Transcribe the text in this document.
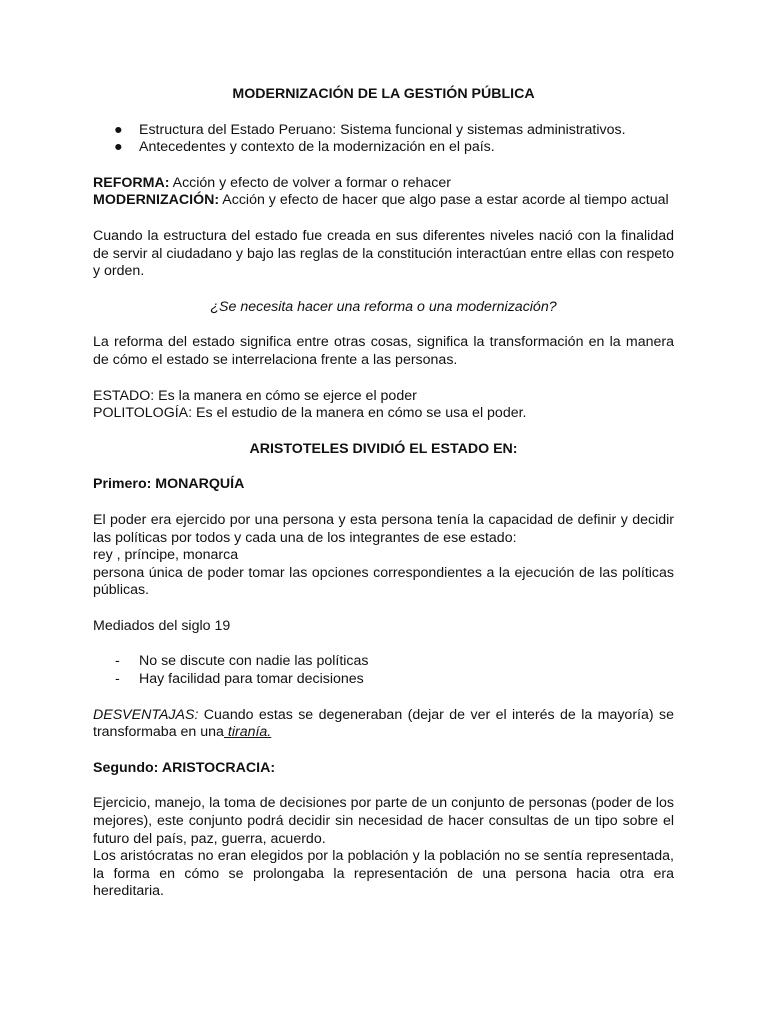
MODERNIZACIÓN DE LA GESTIÓN PÚBLICA

● Estructura del Estado Peruano: Sistema funcional y sistemas administrativos.
● Antecedentes y contexto de la modernización en el país.

REFORMA: Acción y efecto de volver a formar o rehacer

MODERNIZACIÓN: Acción y efecto de hacer que algo pase a estar acorde al tiempo actual

Cuando la estructura del estado fue creada en sus diferentes niveles nació con la finalidad de servir al ciudadano y bajo las reglas de la constitución interactúan entre ellas con respeto y orden.

¿Se necesita hacer una reforma o una modernización?

La reforma del estado significa entre otras cosas, significa la transformación en la manera de cómo el estado se interrelaciona frente a las personas.

ESTADO: Es la manera en cómo se ejerce el poder

POLITOLOGÍA: Es el estudio de la manera en cómo se usa el poder.

ARISTOTELES DIVIDIÓ EL ESTADO EN:

Primero: MONARQUÍA

El poder era ejercido por una persona y esta persona tenía la capacidad de definir y decidir las políticas por todos y cada una de los integrantes de ese estado:

rey , príncipe, monarca

persona única de poder tomar las opciones correspondientes a la ejecución de las políticas públicas.

Mediados del siglo 19

- No se discute con nadie las políticas
- Hay facilidad para tomar decisiones

DESVENTAJAS: Cuando estas se degeneraban (dejar de ver el interés de la mayoría) se transformaba en una tiranía.

Segundo: ARISTOCRACIA:

Ejercicio, manejo, la toma de decisiones por parte de un conjunto de personas (poder de los mejores), este conjunto podrá decidir sin necesidad de hacer consultas de un tipo sobre el futuro del país, paz, guerra, acuerdo.

Los aristócratas no eran elegidos por la población y la población no se sentía representada, la forma en cómo se prolongaba la representación de una persona hacia otra era hereditaria.
